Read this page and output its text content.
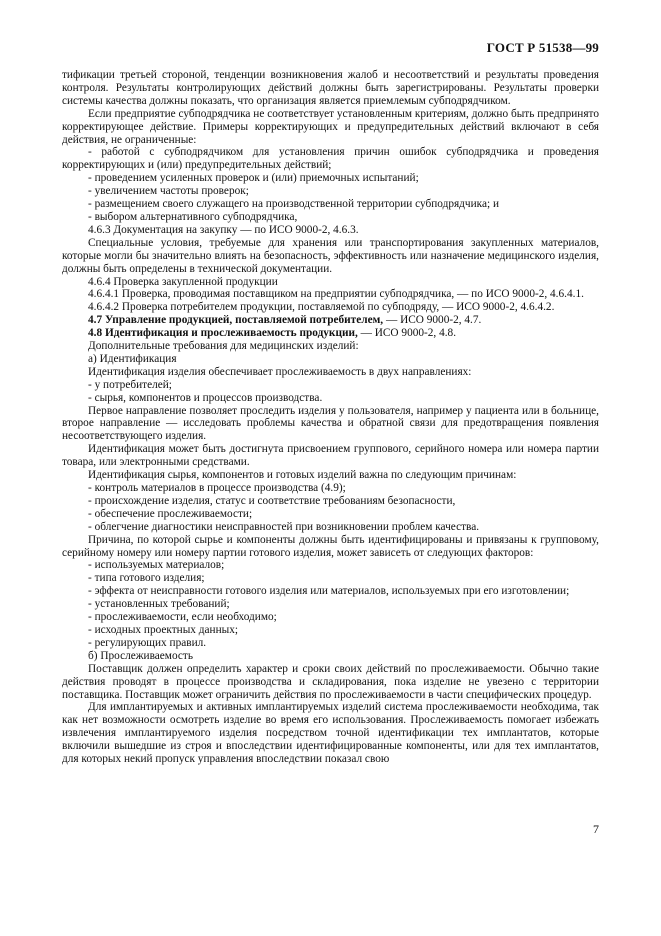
ГОСТ Р 51538—99

тификации третьей стороной, тенденции возникновения жалоб и несоответствий и результаты проведения контроля. Результаты контролирующих действий должны быть зарегистрированы. Результаты проверки системы качества должны показать, что организация является приемлемым субподрядчиком.

Если предприятие субподрядчика не соответствует установленным критериям, должно быть предпринято корректирующее действие. Примеры корректирующих и предупредительных действий включают в себя действия, не ограниченные:

- работой с субподрядчиком для установления причин ошибок субподрядчика и проведения корректирующих и (или) предупредительных действий;

- проведением усиленных проверок и (или) приемочных испытаний;

- увеличением частоты проверок;

- размещением своего служащего на производственной территории субподрядчика; и

- выбором альтернативного субподрядчика,

4.6.3 Документация на закупку — по ИСО 9000-2, 4.6.3.

Специальные условия, требуемые для хранения или транспортирования закупленных материалов, которые могли бы значительно влиять на безопасность, эффективность или назначение медицинского изделия, должны быть определены в технической документации.

4.6.4 Проверка закупленной продукции

4.6.4.1 Проверка, проводимая поставщиком на предприятии субподрядчика, — по ИСО 9000-2, 4.6.4.1.

4.6.4.2 Проверка потребителем продукции, поставляемой по субподряду, — ИСО 9000-2, 4.6.4.2.

4.7 Управление продукцией, поставляемой потребителем, — ИСО 9000-2, 4.7.

4.8 Идентификация и прослеживаемость продукции, — ИСО 9000-2, 4.8.

Дополнительные требования для медицинских изделий:

а) Идентификация

Идентификация изделия обеспечивает прослеживаемость в двух направлениях:

- у потребителей;

- сырья, компонентов и процессов производства.

Первое направление позволяет проследить изделия у пользователя, например у пациента или в больнице, второе направление — исследовать проблемы качества и обратной связи для предотвращения появления несоответствующего изделия.

Идентификация может быть достигнута присвоением группового, серийного номера или номера партии товара, или электронными средствами.

Идентификация сырья, компонентов и готовых изделий важна по следующим причинам:

- контроль материалов в процессе производства (4.9);

- происхождение изделия, статус и соответствие требованиям безопасности,

- обеспечение прослеживаемости;

- облегчение диагностики неисправностей при возникновении проблем качества.

Причина, по которой сырье и компоненты должны быть идентифицированы и привязаны к групповому, серийному номеру или номеру партии готового изделия, может зависеть от следующих факторов:

- используемых материалов;

- типа готового изделия;

- эффекта от неисправности готового изделия или материалов, используемых при его изготовлении;

- установленных требований;

- прослеживаемости, если необходимо;

- исходных проектных данных;

- регулирующих правил.

б) Прослеживаемость

Поставщик должен определить характер и сроки своих действий по прослеживаемости. Обычно такие действия проводят в процессе производства и складирования, пока изделие не увезено с территории поставщика. Поставщик может ограничить действия по прослеживаемости в части специфических процедур.

Для имплантируемых и активных имплантируемых изделий система прослеживаемости необходима, так как нет возможности осмотреть изделие во время его использования. Прослеживаемость помогает избежать извлечения имплантируемого изделия посредством точной идентификации тех имплантатов, которые включили вышедшие из строя и впоследствии идентифицированные компоненты, или для тех имплантатов, для которых некий пропуск управления впоследствии показал свою

7
